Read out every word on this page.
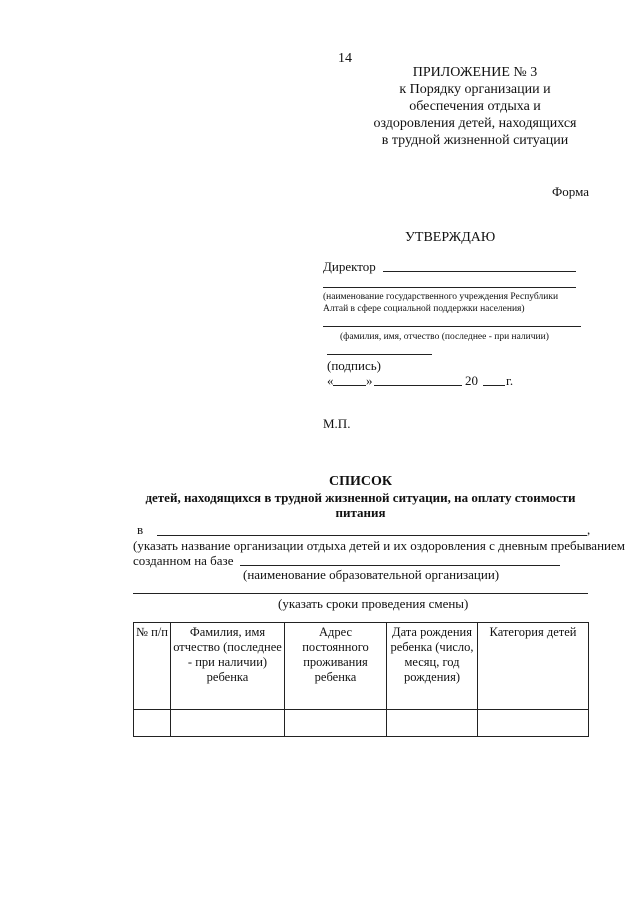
14
ПРИЛОЖЕНИЕ № 3
к Порядку организации и
обеспечения отдыха и
оздоровления детей, находящихся
в трудной жизненной ситуации
Форма
УТВЕРЖДАЮ
Директор
(наименование государственного учреждения Республики
Алтай в сфере социальной поддержки населения)
(фамилия, имя, отчество (последнее - при наличии)
(подпись)
«	»	20 г.
М.П.
СПИСОК
детей, находящихся в трудной жизненной ситуации, на оплату стоимости
питания
в	,
(указать название организации отдыха детей и их оздоровления с дневным пребыванием
созданном на базе
(наименование образовательной организации)
(указать сроки проведения смены)
№ п/п	Фамилия, имя отчество (последнее - при наличии) ребенка	Адрес постоянного проживания ребенка	Дата рождения ребенка (число, месяц, год рождения)	Категория детей
